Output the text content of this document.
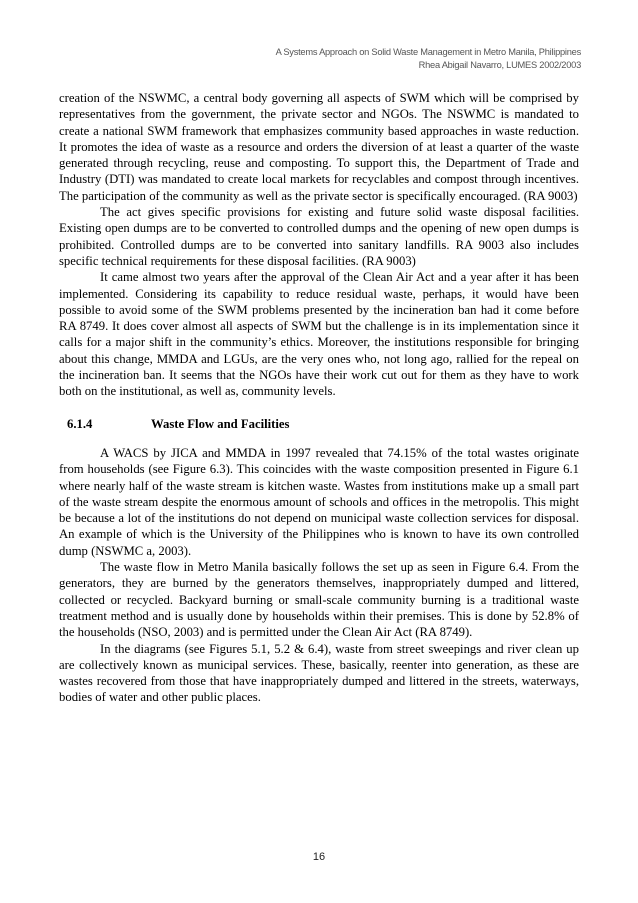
A Systems Approach on Solid Waste Management in Metro Manila, Philippines
Rhea Abigail Navarro, LUMES 2002/2003

creation of the NSWMC, a central body governing all aspects of SWM which will be comprised by representatives from the government, the private sector and NGOs. The NSWMC is mandated to create a national SWM framework that emphasizes community based approaches in waste reduction. It promotes the idea of waste as a resource and orders the diversion of at least a quarter of the waste generated through recycling, reuse and composting. To support this, the Department of Trade and Industry (DTI) was mandated to create local markets for recyclables and compost through incentives. The participation of the community as well as the private sector is specifically encouraged. (RA 9003)

The act gives specific provisions for existing and future solid waste disposal facilities. Existing open dumps are to be converted to controlled dumps and the opening of new open dumps is prohibited. Controlled dumps are to be converted into sanitary landfills. RA 9003 also includes specific technical requirements for these disposal facilities. (RA 9003)

It came almost two years after the approval of the Clean Air Act and a year after it has been implemented. Considering its capability to reduce residual waste, perhaps, it would have been possible to avoid some of the SWM problems presented by the incineration ban had it come before RA 8749. It does cover almost all aspects of SWM but the challenge is in its implementation since it calls for a major shift in the community’s ethics. Moreover, the institutions responsible for bringing about this change, MMDA and LGUs, are the very ones who, not long ago, rallied for the repeal on the incineration ban. It seems that the NGOs have their work cut out for them as they have to work both on the institutional, as well as, community levels.

6.1.4	Waste Flow and Facilities

A WACS by JICA and MMDA in 1997 revealed that 74.15% of the total wastes originate from households (see Figure 6.3). This coincides with the waste composition presented in Figure 6.1 where nearly half of the waste stream is kitchen waste. Wastes from institutions make up a small part of the waste stream despite the enormous amount of schools and offices in the metropolis. This might be because a lot of the institutions do not depend on municipal waste collection services for disposal. An example of which is the University of the Philippines who is known to have its own controlled dump (NSWMC a, 2003).

The waste flow in Metro Manila basically follows the set up as seen in Figure 6.4. From the generators, they are burned by the generators themselves, inappropriately dumped and littered, collected or recycled. Backyard burning or small-scale community burning is a traditional waste treatment method and is usually done by households within their premises. This is done by 52.8% of the households (NSO, 2003) and is permitted under the Clean Air Act (RA 8749).

In the diagrams (see Figures 5.1, 5.2 & 6.4), waste from street sweepings and river clean up are collectively known as municipal services. These, basically, reenter into generation, as these are wastes recovered from those that have inappropriately dumped and littered in the streets, waterways, bodies of water and other public places.

16
